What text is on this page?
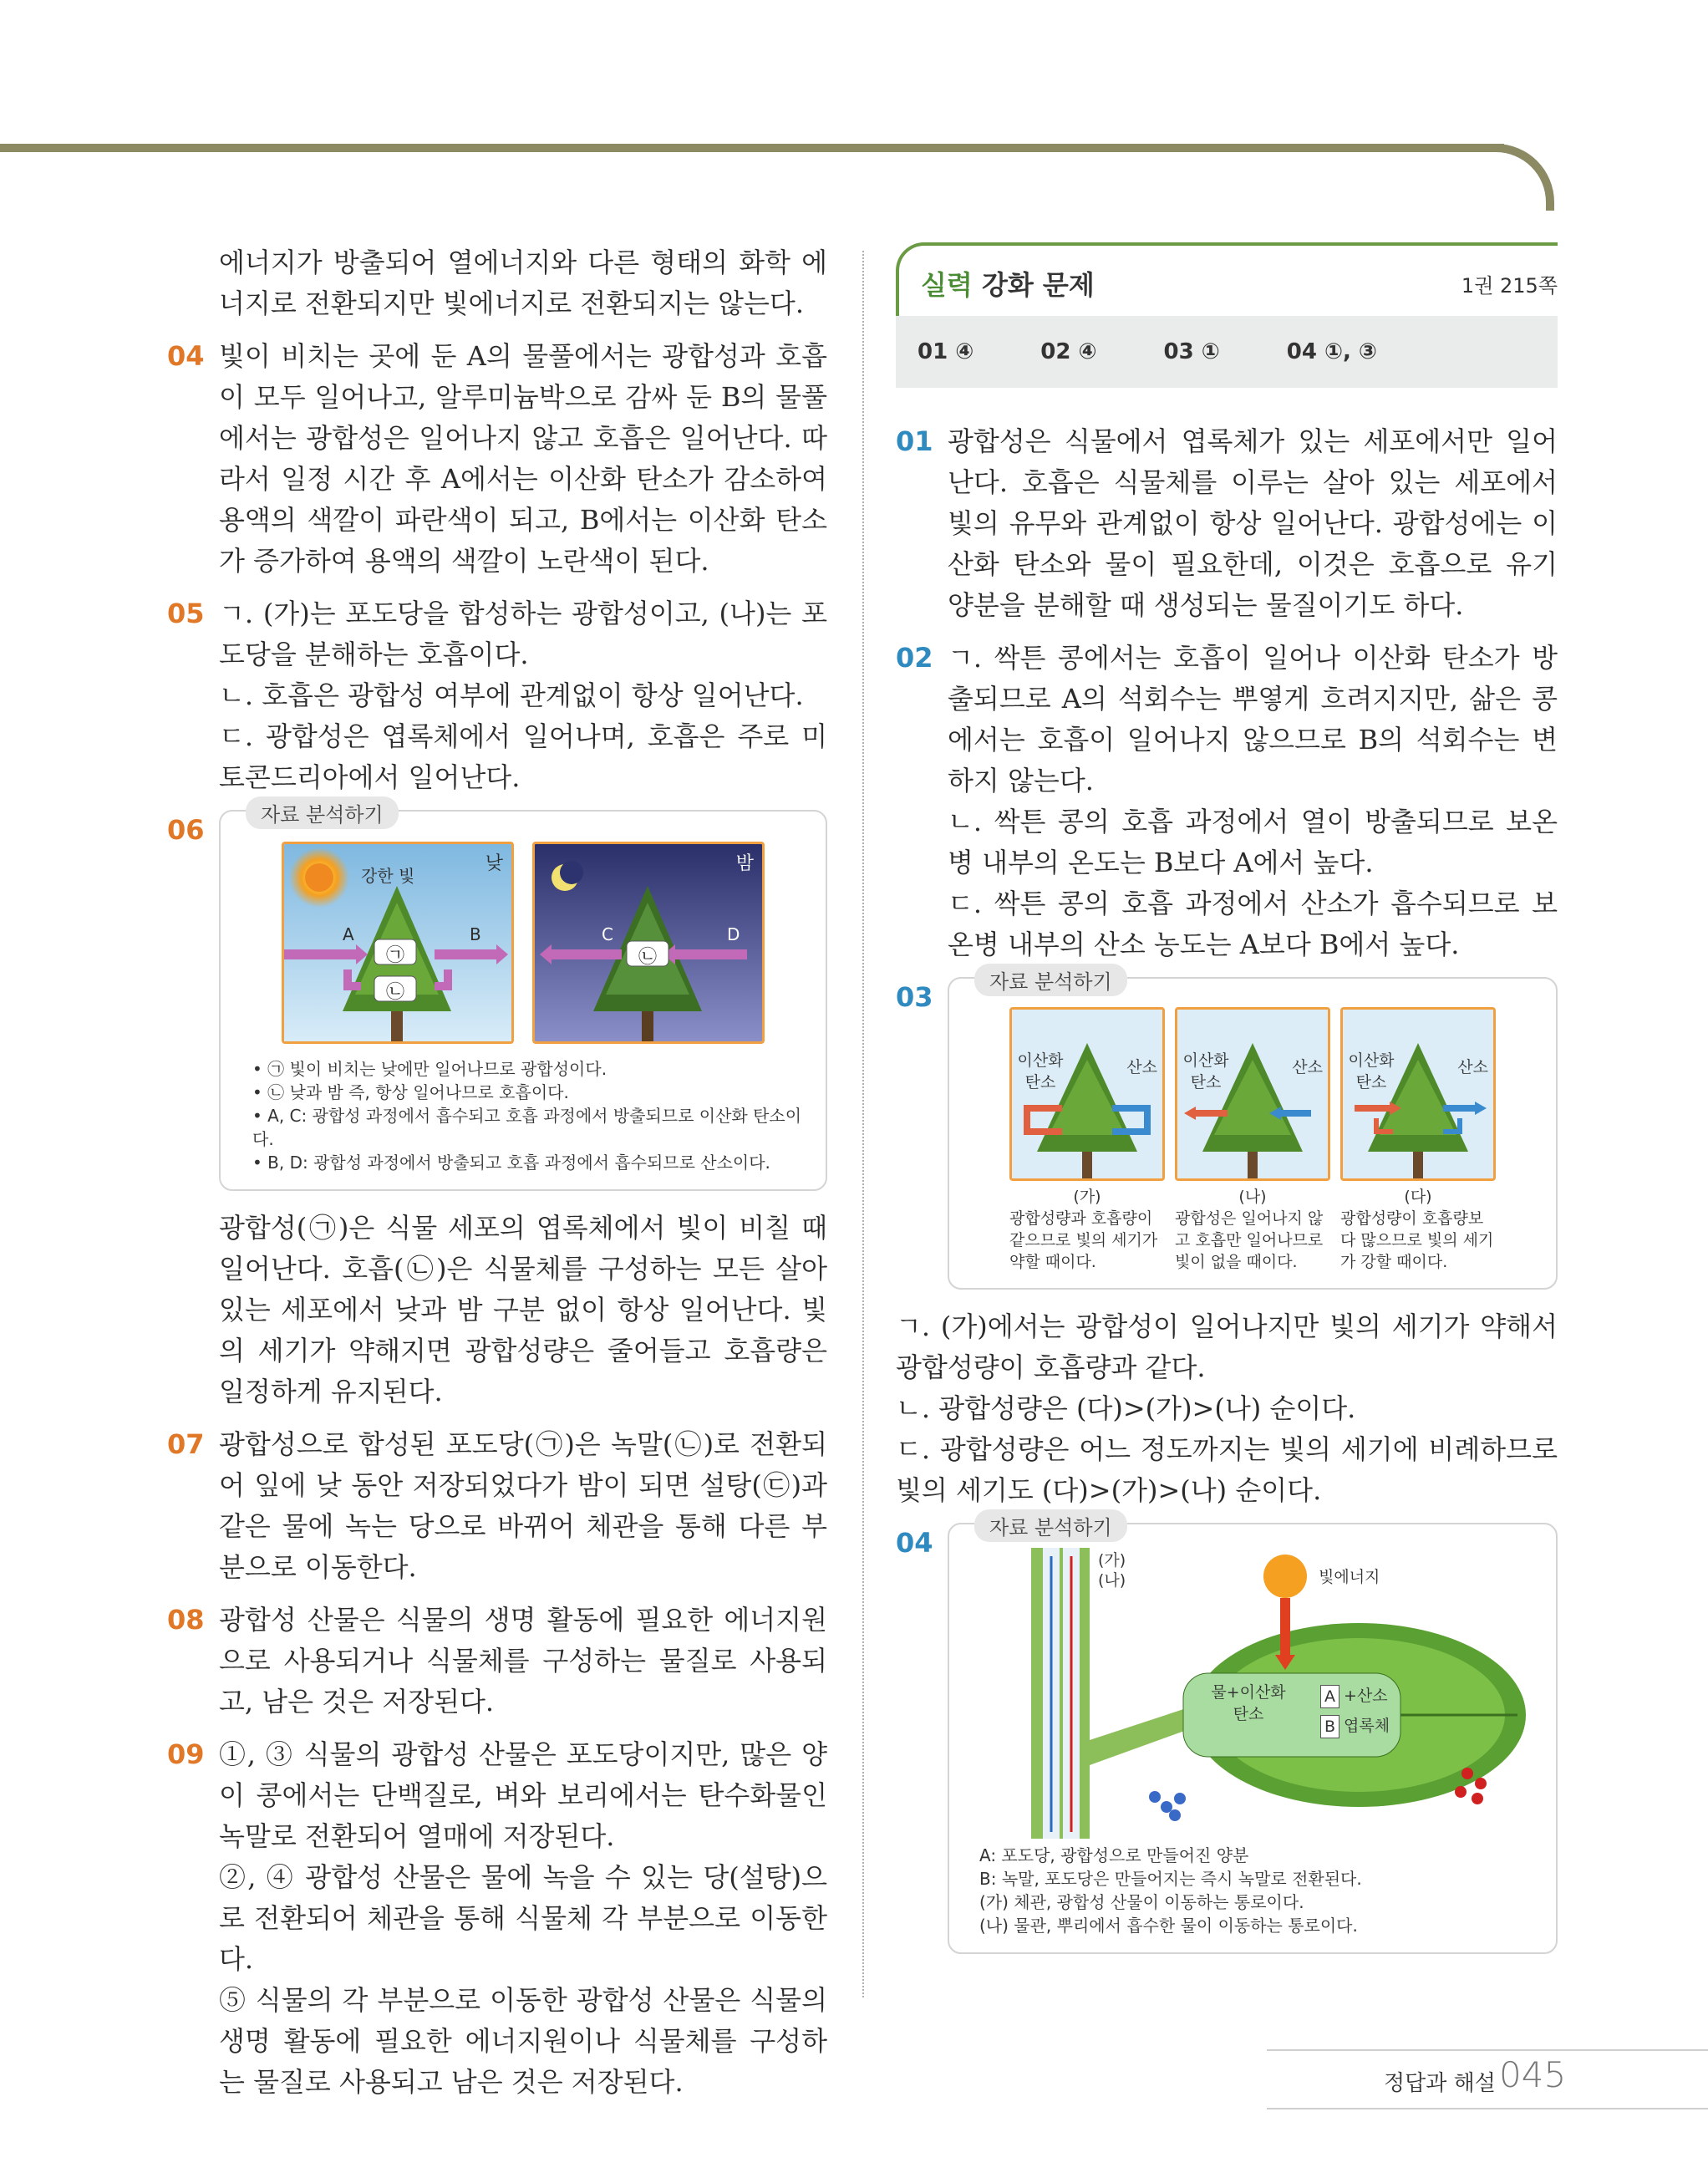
에너지가 방출되어 열에너지와 다른 형태의 화학 에너지로 전환되지만 빛에너지로 전환되지는 않는다.

04 빛이 비치는 곳에 둔 A의 물풀에서는 광합성과 호흡이 모두 일어나고, 알루미늄박으로 감싸 둔 B의 물풀에서는 광합성은 일어나지 않고 호흡은 일어난다. 따라서 일정 시간 후 A에서는 이산화 탄소가 감소하여 용액의 색깔이 파란색이 되고, B에서는 이산화 탄소가 증가하여 용액의 색깔이 노란색이 된다.

05 ㄱ. (가)는 포도당을 합성하는 광합성이고, (나)는 포도당을 분해하는 호흡이다.

ㄴ. 호흡은 광합성 여부에 관계없이 항상 일어난다.

ㄷ. 광합성은 엽록체에서 일어나며, 호흡은 주로 미토콘드리아에서 일어난다.

06	자료 분석하기
강한 빛
낮
A	B
㉠
㉡
밤
C	D
㉡
• ㉠ 빛이 비치는 낮에만 일어나므로 광합성이다.
• ㉡ 낮과 밤 즉, 항상 일어나므로 호흡이다.
• A, C: 광합성 과정에서 흡수되고 호흡 과정에서 방출되므로 이산화 탄소이다.
• B, D: 광합성 과정에서 방출되고 호흡 과정에서 흡수되므로 산소이다.

광합성(㉠)은 식물 세포의 엽록체에서 빛이 비칠 때 일어난다. 호흡(㉡)은 식물체를 구성하는 모든 살아 있는 세포에서 낮과 밤 구분 없이 항상 일어난다. 빛의 세기가 약해지면 광합성량은 줄어들고 호흡량은 일정하게 유지된다.

07 광합성으로 합성된 포도당(㉠)은 녹말(㉡)로 전환되어 잎에 낮 동안 저장되었다가 밤이 되면 설탕(㉢)과 같은 물에 녹는 당으로 바뀌어 체관을 통해 다른 부분으로 이동한다.

08 광합성 산물은 식물의 생명 활동에 필요한 에너지원으로 사용되거나 식물체를 구성하는 물질로 사용되고, 남은 것은 저장된다.

09 ①, ③ 식물의 광합성 산물은 포도당이지만, 많은 양이 콩에서는 단백질로, 벼와 보리에서는 탄수화물인 녹말로 전환되어 열매에 저장된다.

②, ④ 광합성 산물은 물에 녹을 수 있는 당(설탕)으로 전환되어 체관을 통해 식물체 각 부분으로 이동한다.

⑤ 식물의 각 부분으로 이동한 광합성 산물은 식물의 생명 활동에 필요한 에너지원이나 식물체를 구성하는 물질로 사용되고 남은 것은 저장된다.

실력 강화 문제	1권 215쪽
01 ④	02 ④	03 ①	04 ①, ③
01 광합성은 식물에서 엽록체가 있는 세포에서만 일어난다. 호흡은 식물체를 이루는 살아 있는 세포에서 빛의 유무와 관계없이 항상 일어난다. 광합성에는 이산화 탄소와 물이 필요한데, 이것은 호흡으로 유기 양분을 분해할 때 생성되는 물질이기도 하다.

02 ㄱ. 싹튼 콩에서는 호흡이 일어나 이산화 탄소가 방출되므로 A의 석회수는 뿌옇게 흐려지지만, 삶은 콩에서는 호흡이 일어나지 않으므로 B의 석회수는 변하지 않는다.

ㄴ. 싹튼 콩의 호흡 과정에서 열이 방출되므로 보온병 내부의 온도는 B보다 A에서 높다.

ㄷ. 싹튼 콩의 호흡 과정에서 산소가 흡수되므로 보온병 내부의 산소 농도는 A보다 B에서 높다.

03	자료 분석하기
이산화 탄소
산소
(가)
광합성량과 호흡량이 같으므로 빛의 세기가 약할 때이다.
이산화 탄소
산소
(나)
광합성은 일어나지 않고 호흡만 일어나므로 빛이 없을 때이다.
이산화 탄소
산소
(다)
광합성량이 호흡량보다 많으므로 빛의 세기가 강할 때이다.

ㄱ. (가)에서는 광합성이 일어나지만 빛의 세기가 약해서 광합성량이 호흡량과 같다.

ㄴ. 광합성량은 (다)>(가)>(나) 순이다.

ㄷ. 광합성량은 어느 정도까지는 빛의 세기에 비례하므로 빛의 세기도 (다)>(가)>(나) 순이다.

04	자료 분석하기
(가)
(나)	빛에너지
물+이산화 탄소
A +산소
B 엽록체
A: 포도당, 광합성으로 만들어진 양분
B: 녹말, 포도당은 만들어지는 즉시 녹말로 전환된다.
(가) 체관, 광합성 산물이 이동하는 통로이다.
(나) 물관, 뿌리에서 흡수한 물이 이동하는 통로이다.
정답과 해설 045
